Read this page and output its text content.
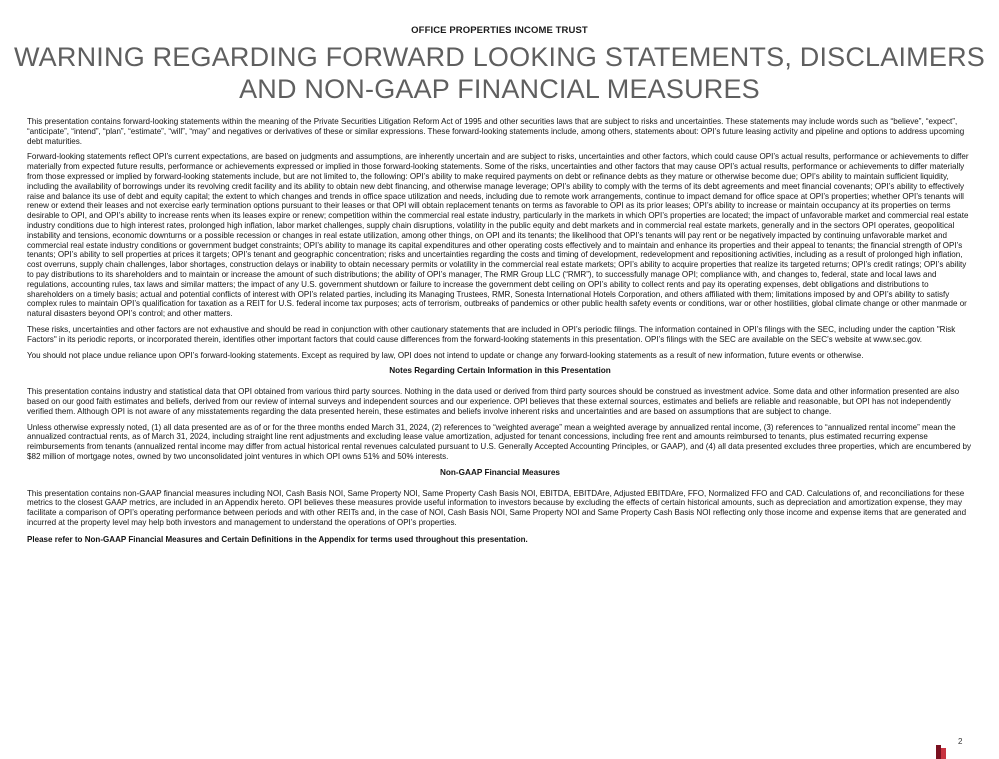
OFFICE PROPERTIES INCOME TRUST
WARNING REGARDING FORWARD LOOKING STATEMENTS, DISCLAIMERS AND NON-GAAP FINANCIAL MEASURES

This presentation contains forward-looking statements within the meaning of the Private Securities Litigation Reform Act of 1995 and other securities laws that are subject to risks and uncertainties. These statements may include words such as “believe”, “expect”, “anticipate”, “intend”, “plan”, “estimate”, “will”, “may” and negatives or derivatives of these or similar expressions. These forward-looking statements include, among others, statements about: OPI’s future leasing activity and pipeline and options to address upcoming debt maturities.

Forward-looking statements reflect OPI’s current expectations, are based on judgments and assumptions, are inherently uncertain and are subject to risks, uncertainties and other factors, which could cause OPI’s actual results, performance or achievements to differ materially from expected future results, performance or achievements expressed or implied in those forward-looking statements. Some of the risks, uncertainties and other factors that may cause OPI’s actual results, performance or achievements to differ materially from those expressed or implied by forward-looking statements include, but are not limited to, the following: OPI’s ability to make required payments on debt or refinance debts as they mature or otherwise become due; OPI’s ability to maintain sufficient liquidity, including the availability of borrowings under its revolving credit facility and its ability to obtain new debt financing, and otherwise manage leverage; OPI’s ability to comply with the terms of its debt agreements and meet financial covenants; OPI’s ability to effectively raise and balance its use of debt and equity capital; the extent to which changes and trends in office space utilization and needs, including due to remote work arrangements, continue to impact demand for office space at OPI’s properties; whether OPI’s tenants will renew or extend their leases and not exercise early termination options pursuant to their leases or that OPI will obtain replacement tenants on terms as favorable to OPI as its prior leases; OPI’s ability to increase or maintain occupancy at its properties on terms desirable to OPI, and OPI’s ability to increase rents when its leases expire or renew; competition within the commercial real estate industry, particularly in the markets in which OPI’s properties are located; the impact of unfavorable market and commercial real estate industry conditions due to high interest rates, prolonged high inflation, labor market challenges, supply chain disruptions, volatility in the public equity and debt markets and in commercial real estate markets, generally and in the sectors OPI operates, geopolitical instability and tensions, economic downturns or a possible recession or changes in real estate utilization, among other things, on OPI and its tenants; the likelihood that OPI’s tenants will pay rent or be negatively impacted by continuing unfavorable market and commercial real estate industry conditions or government budget constraints; OPI’s ability to manage its capital expenditures and other operating costs effectively and to maintain and enhance its properties and their appeal to tenants; the financial strength of OPI’s tenants; OPI’s ability to sell properties at prices it targets; OPI’s tenant and geographic concentration; risks and uncertainties regarding the costs and timing of development, redevelopment and repositioning activities, including as a result of prolonged high inflation, cost overruns, supply chain challenges, labor shortages, construction delays or inability to obtain necessary permits or volatility in the commercial real estate markets; OPI’s ability to acquire properties that realize its targeted returns; OPI’s credit ratings; OPI’s ability to pay distributions to its shareholders and to maintain or increase the amount of such distributions; the ability of OPI’s manager, The RMR Group LLC (“RMR”), to successfully manage OPI; compliance with, and changes to, federal, state and local laws and regulations, accounting rules, tax laws and similar matters; the impact of any U.S. government shutdown or failure to increase the government debt ceiling on OPI’s ability to collect rents and pay its operating expenses, debt obligations and distributions to shareholders on a timely basis; actual and potential conflicts of interest with OPI’s related parties, including its Managing Trustees, RMR, Sonesta International Hotels Corporation, and others affiliated with them; limitations imposed by and OPI’s ability to satisfy complex rules to maintain OPI’s qualification for taxation as a REIT for U.S. federal income tax purposes; acts of terrorism, outbreaks of pandemics or other public health safety events or conditions, war or other hostilities, global climate change or other manmade or natural disasters beyond OPI’s control; and other matters.

These risks, uncertainties and other factors are not exhaustive and should be read in conjunction with other cautionary statements that are included in OPI’s periodic filings. The information contained in OPI’s filings with the SEC, including under the caption "Risk Factors" in its periodic reports, or incorporated therein, identifies other important factors that could cause differences from the forward-looking statements in this presentation. OPI’s filings with the SEC are available on the SEC’s website at www.sec.gov.

You should not place undue reliance upon OPI’s forward-looking statements. Except as required by law, OPI does not intend to update or change any forward-looking statements as a result of new information, future events or otherwise.

Notes Regarding Certain Information in this Presentation

This presentation contains industry and statistical data that OPI obtained from various third party sources. Nothing in the data used or derived from third party sources should be construed as investment advice. Some data and other information presented are also based on our good faith estimates and beliefs, derived from our review of internal surveys and independent sources and our experience. OPI believes that these external sources, estimates and beliefs are reliable and reasonable, but OPI has not independently verified them. Although OPI is not aware of any misstatements regarding the data presented herein, these estimates and beliefs involve inherent risks and uncertainties and are based on assumptions that are subject to change.

Unless otherwise expressly noted, (1) all data presented are as of or for the three months ended March 31, 2024, (2) references to “weighted average” mean a weighted average by annualized rental income, (3) references to “annualized rental income” mean the annualized contractual rents, as of March 31, 2024, including straight line rent adjustments and excluding lease value amortization, adjusted for tenant concessions, including free rent and amounts reimbursed to tenants, plus estimated recurring expense reimbursements from tenants (annualized rental income may differ from actual historical rental revenues calculated pursuant to U.S. Generally Accepted Accounting Principles, or GAAP), and (4) all data presented excludes three properties, which are encumbered by $82 million of mortgage notes, owned by two unconsolidated joint ventures in which OPI owns 51% and 50% interests.

Non-GAAP Financial Measures

This presentation contains non-GAAP financial measures including NOI, Cash Basis NOI, Same Property NOI, Same Property Cash Basis NOI, EBITDA, EBITDAre, Adjusted EBITDAre, FFO, Normalized FFO and CAD. Calculations of, and reconciliations for these metrics to the closest GAAP metrics, are included in an Appendix hereto. OPI believes these measures provide useful information to investors because by excluding the effects of certain historical amounts, such as depreciation and amortization expense, they may facilitate a comparison of OPI’s operating performance between periods and with other REITs and, in the case of NOI, Cash Basis NOI, Same Property NOI and Same Property Cash Basis NOI reflecting only those income and expense items that are generated and incurred at the property level may help both investors and management to understand the operations of OPI’s properties.

Please refer to Non-GAAP Financial Measures and Certain Definitions in the Appendix for terms used throughout this presentation.

2
